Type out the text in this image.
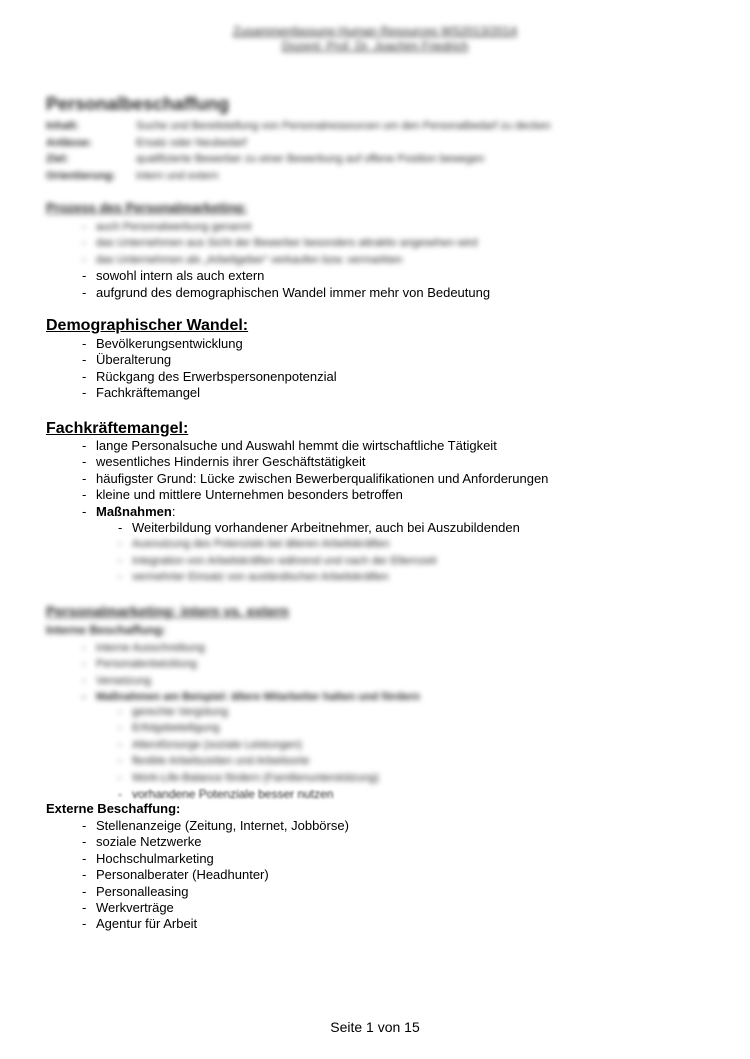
Zusammenfassung Human Resources WS2013/2014
Dozent: Prof. Dr. Joachim Friedrich
Personalbeschaffung
Inhalt:	Suche und Bereitstellung von Personalressourcen um den Personalbedarf zu decken
Anlässe:	Ersatz oder Neubedarf
Ziel:	qualifizierte Bewerber zu einer Bewerbung auf offene Position bewegen
Orientierung:	intern und extern
Prozess des Personalmarketing:
- auch Personalwerbung genannt
- das Unternehmen aus Sicht der Bewerber besonders attraktiv angesehen wird
- das Unternehmen als „Arbeitgeber“ verkaufen bzw. vermarkten
- sowohl intern als auch extern
- aufgrund des demographischen Wandel immer mehr von Bedeutung
Demographischer Wandel:
- Bevölkerungsentwicklung
- Überalterung
- Rückgang des Erwerbspersonenpotenzial
- Fachkräftemangel
Fachkräftemangel:
- lange Personalsuche und Auswahl hemmt die wirtschaftliche Tätigkeit
- wesentliches Hindernis ihrer Geschäftstätigkeit
- häufigster Grund: Lücke zwischen Bewerberqualifikationen und Anforderungen
- kleine und mittlere Unternehmen besonders betroffen
- Maßnahmen:
- Weiterbildung vorhandener Arbeitnehmer, auch bei Auszubildenden
- Ausnutzung des Potenzials bei älteren Arbeitskräften
- Integration von Arbeitskräften während und nach der Elternzeit
- vermehrter Einsatz von ausländischen Arbeitskräften
Personalmarketing: intern vs. extern
Interne Beschaffung:
- interne Ausschreibung
- Personalentwicklung
- Versetzung
- Maßnahmen am Beispiel: ältere Mitarbeiter halten und fördern
- gerechte Vergütung
- Erfolgsbeteiligung
- Altersfürsorge (soziale Leistungen)
- flexible Arbeitszeiten und Arbeitsorte
- Work-Life-Balance fördern (Familienunterstützung)
- vorhandene Potenziale besser nutzen
Externe Beschaffung:
- Stellenanzeige (Zeitung, Internet, Jobbörse)
- soziale Netzwerke
- Hochschulmarketing
- Personalberater (Headhunter)
- Personalleasing
- Werkverträge
- Agentur für Arbeit
Seite 1 von 15
